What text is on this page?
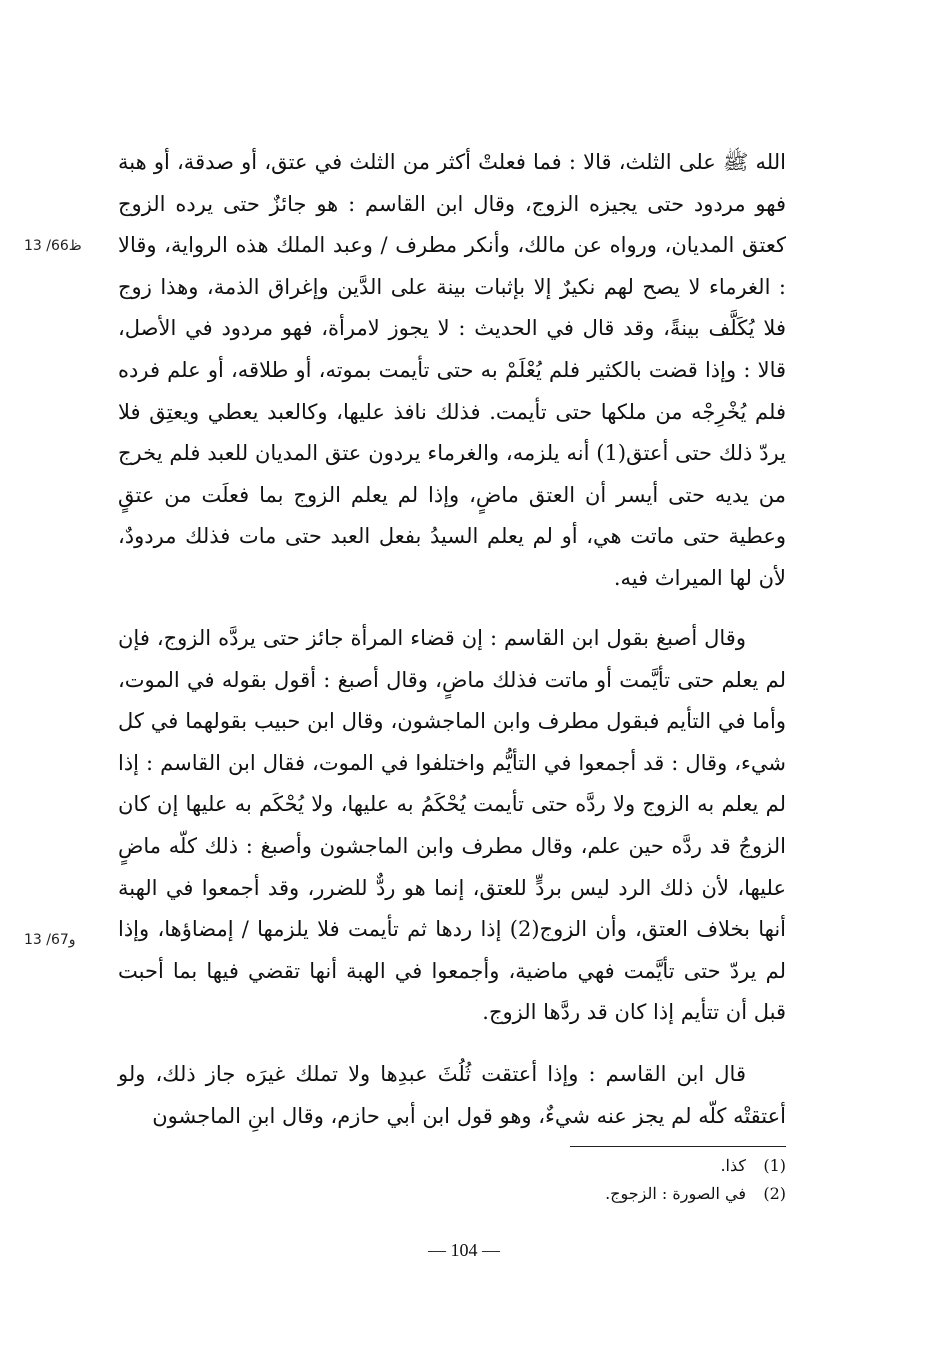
الله ﷺ على الثلث، قالا : فما فعلتْ أكثر من الثلث في عتق، أو صدقة، أو هبة فهو مردود حتى يجيزه الزوج، وقال ابن القاسم : هو جائزٌ حتى يرده الزوج كعتق المديان، ورواه عن مالك، وأنكر مطرف / وعبد الملك هذه الرواية، وقالا : الغرماء لا يصح لهم نكيرٌ إلا بإثبات بينة على الدَّين وإغراق الذمة، وهذا زوج فلا يُكَلَّف بينةً، وقد قال في الحديث : لا يجوز لامرأة، فهو مردود في الأصل، قالا : وإذا قضت بالكثير فلم يُعْلَمْ به حتى تأيمت بموته، أو طلاقه، أو علم فرده فلم يُخْرِجْه من ملكها حتى تأيمت. فذلك نافذ عليها، وكالعبد يعطي ويعتِق فلا يردّ ذلك حتى أعتق(1) أنه يلزمه، والغرماء يردون عتق المديان للعبد فلم يخرج من يديه حتى أيسر أن العتق ماضٍ، وإذا لم يعلم الزوج بما فعلَت من عتقٍ وعطية حتى ماتت هي، أو لم يعلم السيدُ بفعل العبد حتى مات فذلك مردودٌ، لأن لها الميراث فيه.

وقال أصبغ بقول ابن القاسم : إن قضاء المرأة جائز حتى يردَّه الزوج، فإن لم يعلم حتى تأيَّمت أو ماتت فذلك ماضٍ، وقال أصبغ : أقول بقوله في الموت، وأما في التأيم فبقول مطرف وابن الماجشون، وقال ابن حبيب بقولهما في كل شيء، وقال : قد أجمعوا في التأيُّم واختلفوا في الموت، فقال ابن القاسم : إذا لم يعلم به الزوج ولا ردَّه حتى تأيمت يُحْكَمُ به عليها، ولا يُحْكَم به عليها إن كان الزوجُ قد ردَّه حين علم، وقال مطرف وابن الماجشون وأصبغ : ذلك كلّه ماضٍ عليها، لأن ذلك الرد ليس بردٍّ للعتق، إنما هو ردٌّ للضرر، وقد أجمعوا في الهبة أنها بخلاف العتق، وأن الزوج(2) إذا ردها ثم تأيمت فلا يلزمها / إمضاؤها، وإذا لم يردّ حتى تأيَّمت فهي ماضية، وأجمعوا في الهبة أنها تقضي فيها بما أحبت قبل أن تتأيم إذا كان قد ردَّها الزوج.

قال ابن القاسم : وإذا أعتقت ثُلُثَ عبدِها ولا تملك غيرَه جاز ذلك، ولو أعتقتْه كلّه لم يجز عنه شيءٌ، وهو قول ابن أبي حازم، وقال ابنِ الماجشون

13 /66ظ
13 /67و
(1)
كذا.
(2)
في الصورة : الزجوج.
— 104 —
